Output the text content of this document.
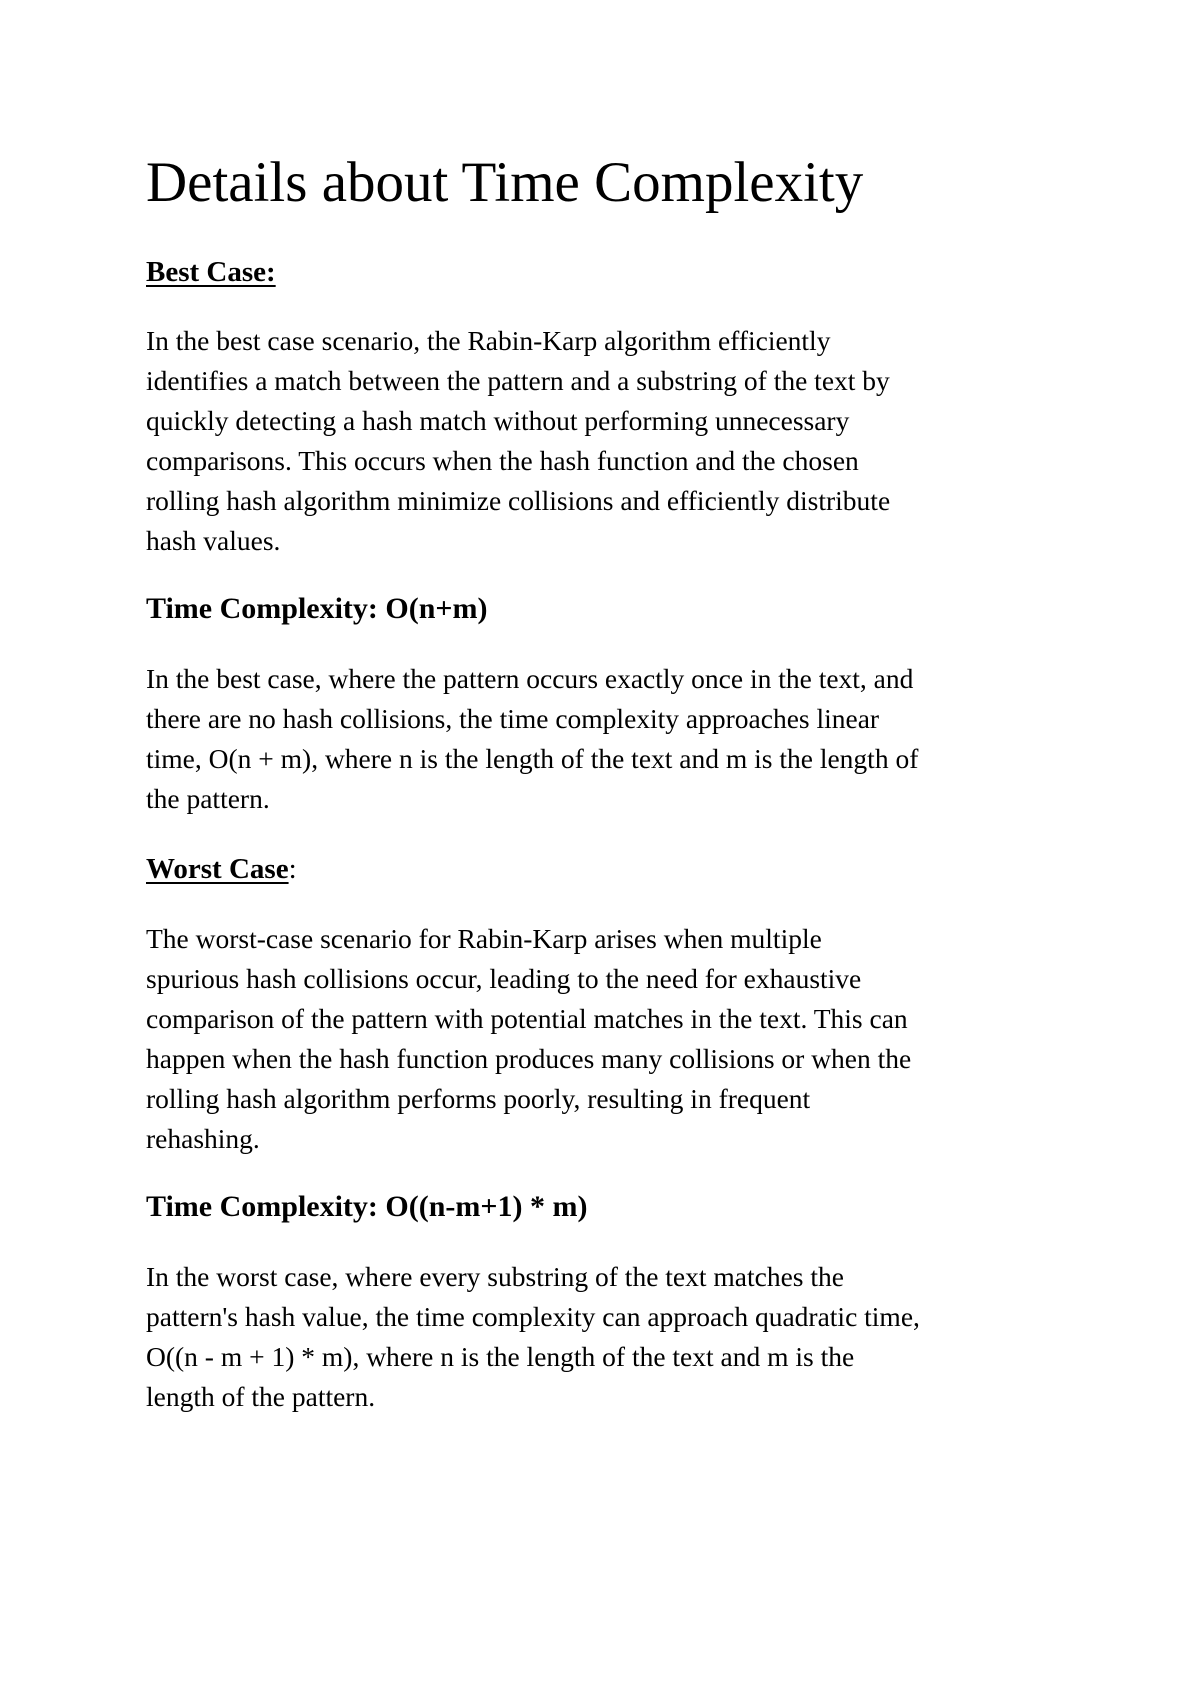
Details about Time Complexity
Best Case:

In the best case scenario, the Rabin-Karp algorithm efficiently
identifies a match between the pattern and a substring of the text by
quickly detecting a hash match without performing unnecessary
comparisons. This occurs when the hash function and the chosen
rolling hash algorithm minimize collisions and efficiently distribute
hash values.

Time Complexity: O(n+m)

In the best case, where the pattern occurs exactly once in the text, and
there are no hash collisions, the time complexity approaches linear
time, O(n + m), where n is the length of the text and m is the length of
the pattern.

Worst Case:

The worst-case scenario for Rabin-Karp arises when multiple
spurious hash collisions occur, leading to the need for exhaustive
comparison of the pattern with potential matches in the text. This can
happen when the hash function produces many collisions or when the
rolling hash algorithm performs poorly, resulting in frequent
rehashing.

Time Complexity: O((n-m+1) * m)

In the worst case, where every substring of the text matches the
pattern's hash value, the time complexity can approach quadratic time,
O((n - m + 1) * m), where n is the length of the text and m is the
length of the pattern.
